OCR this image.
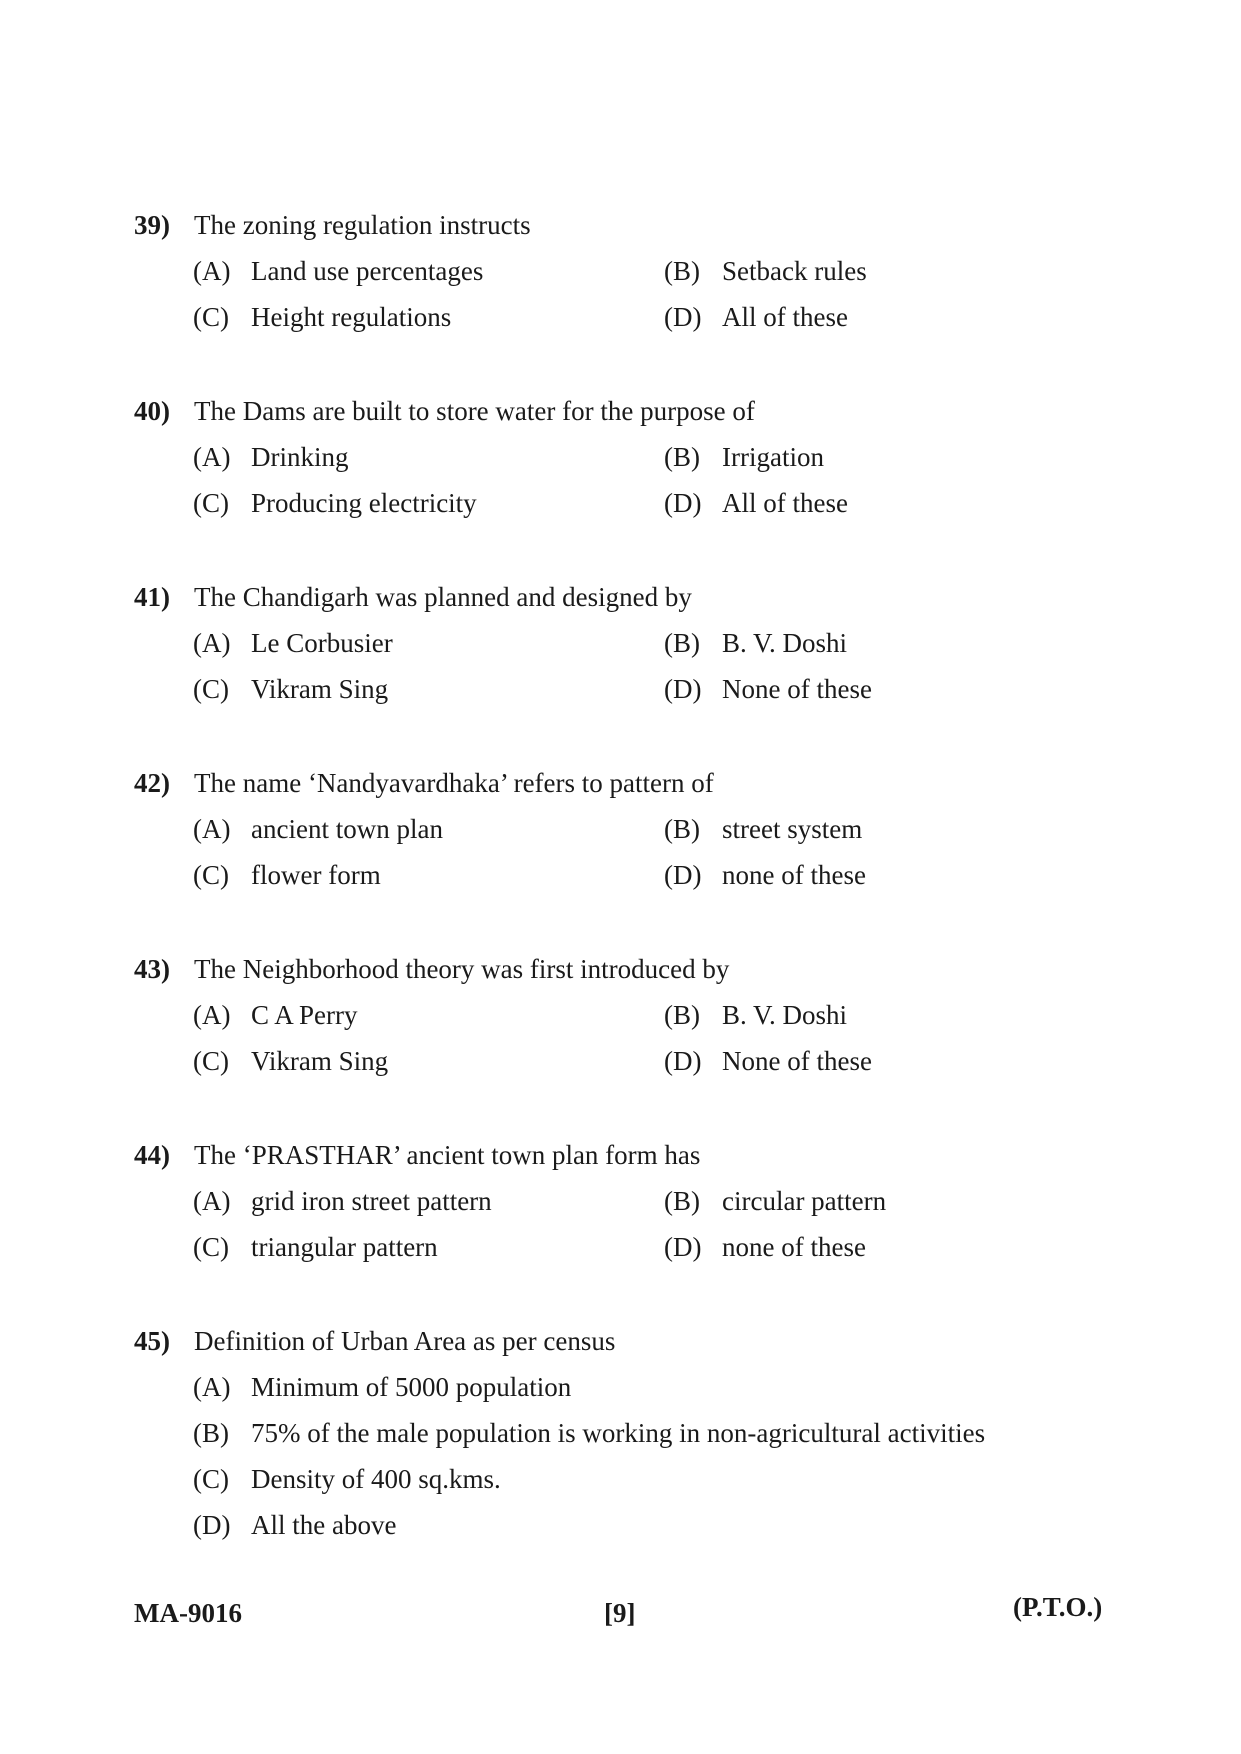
39) The zoning regulation instructs
(A) Land use percentages	(B) Setback rules
(C) Height regulations	(D) All of these
40) The Dams are built to store water for the purpose of
(A) Drinking	(B) Irrigation
(C) Producing electricity	(D) All of these
41) The Chandigarh was planned and designed by
(A) Le Corbusier	(B) B. V. Doshi
(C) Vikram Sing	(D) None of these
42) The name ‘Nandyavardhaka’ refers to pattern of
(A) ancient town plan	(B) street system
(C) flower form	(D) none of these
43) The Neighborhood theory was first introduced by
(A) C A Perry	(B) B. V. Doshi
(C) Vikram Sing	(D) None of these
44) The ‘PRASTHAR’ ancient town plan form has
(A) grid iron street pattern	(B) circular pattern
(C) triangular pattern	(D) none of these
45) Definition of Urban Area as per census
(A) Minimum of 5000 population
(B) 75% of the male population is working in non-agricultural activities
(C) Density of 400 sq.kms.
(D) All the above
MA-9016	[9]	(P.T.O.)
